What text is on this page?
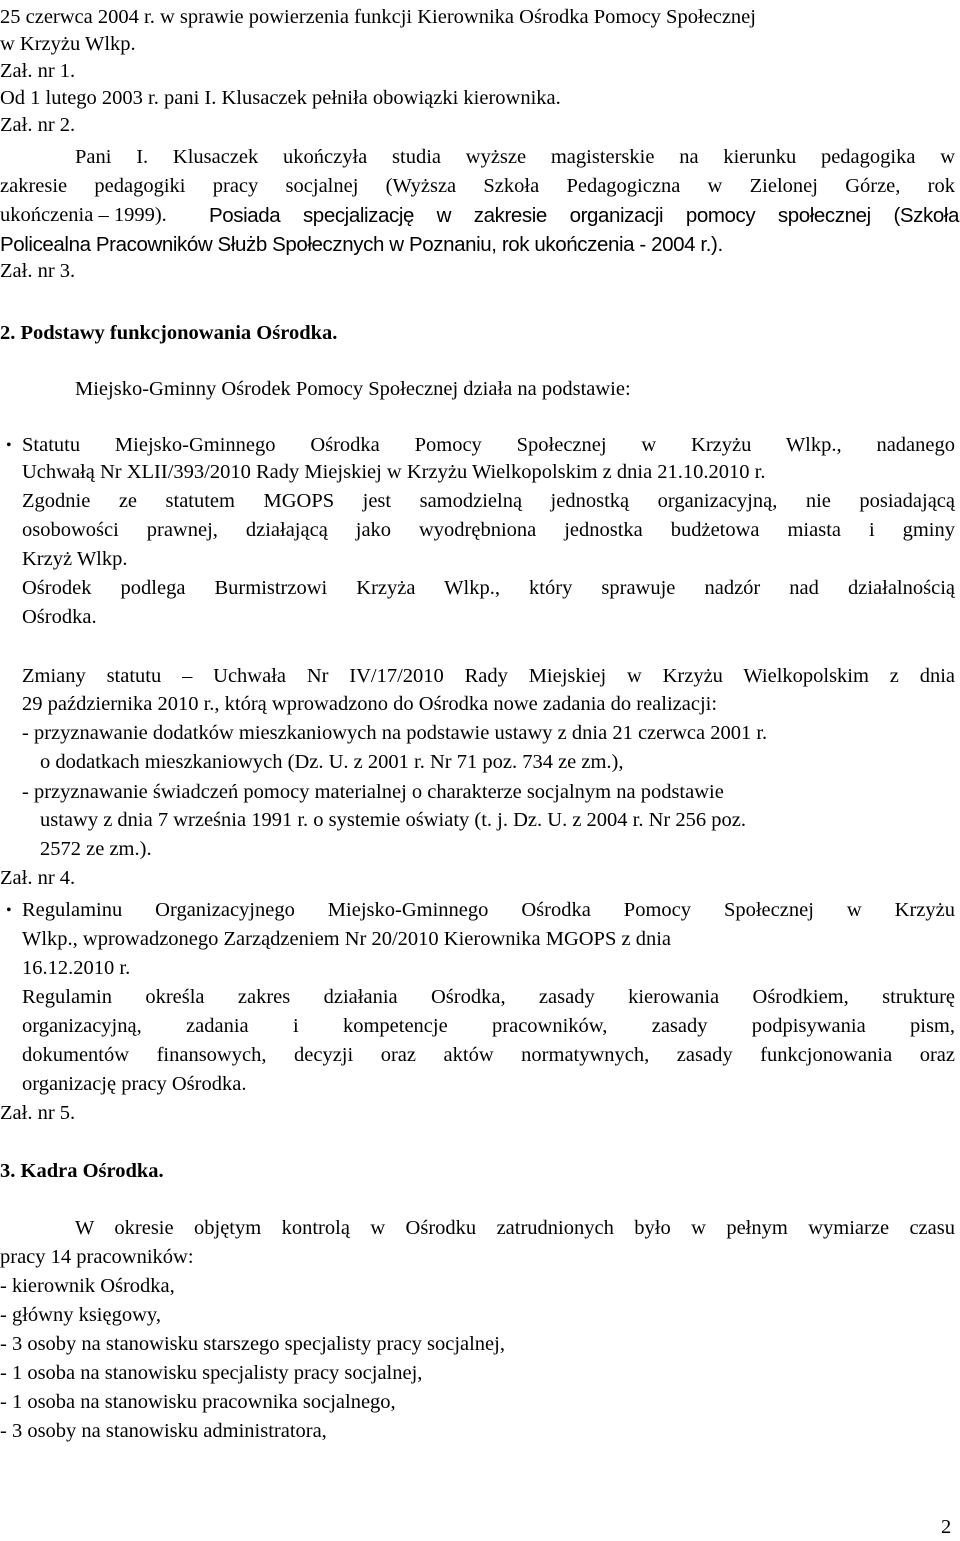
25 czerwca 2004 r. w sprawie powierzenia funkcji Kierownika Ośrodka Pomocy Społecznej
w Krzyżu Wlkp.
Zał. nr 1.
Od 1 lutego 2003 r. pani I. Klusaczek pełniła obowiązki kierownika.
Zał. nr 2.
Pani I. Klusaczek ukończyła studia wyższe magisterskie na kierunku pedagogika w
zakresie pedagogiki pracy socjalnej (Wyższa Szkoła Pedagogiczna w Zielonej Górze, rok
ukończenia – 1999). Posiada specjalizację w zakresie organizacji pomocy społecznej (Szkoła
Policealna Pracowników Służb Społecznych w Poznaniu, rok ukończenia - 2004 r.).
Zał. nr 3.
2. Podstawy funkcjonowania Ośrodka.
Miejsko-Gminny Ośrodek Pomocy Społecznej działa na podstawie:
• Statutu Miejsko-Gminnego Ośrodka Pomocy Społecznej w Krzyżu Wlkp., nadanego
Uchwałą Nr XLII/393/2010 Rady Miejskiej w Krzyżu Wielkopolskim z dnia 21.10.2010 r.
Zgodnie ze statutem MGOPS jest samodzielną jednostką organizacyjną, nie posiadającą
osobowości prawnej, działającą jako wyodrębniona jednostka budżetowa miasta i gminy
Krzyż Wlkp.
Ośrodek podlega Burmistrzowi Krzyża Wlkp., który sprawuje nadzór nad działalnością
Ośrodka.
Zmiany statutu – Uchwała Nr IV/17/2010 Rady Miejskiej w Krzyżu Wielkopolskim z dnia
29 października 2010 r., którą wprowadzono do Ośrodka nowe zadania do realizacji:
- przyznawanie dodatków mieszkaniowych na podstawie ustawy z dnia 21 czerwca 2001 r.
o dodatkach mieszkaniowych (Dz. U. z 2001 r. Nr 71 poz. 734 ze zm.),
- przyznawanie świadczeń pomocy materialnej o charakterze socjalnym na podstawie
ustawy z dnia 7 września 1991 r. o systemie oświaty (t. j. Dz. U. z 2004 r. Nr 256 poz.
2572 ze zm.).
Zał. nr 4.
• Regulaminu Organizacyjnego Miejsko-Gminnego Ośrodka Pomocy Społecznej w Krzyżu
Wlkp., wprowadzonego Zarządzeniem Nr 20/2010 Kierownika MGOPS z dnia
16.12.2010 r.
Regulamin określa zakres działania Ośrodka, zasady kierowania Ośrodkiem, strukturę
organizacyjną, zadania i kompetencje pracowników, zasady podpisywania pism,
dokumentów finansowych, decyzji oraz aktów normatywnych, zasady funkcjonowania oraz
organizację pracy Ośrodka.
Zał. nr 5.
3. Kadra Ośrodka.
W okresie objętym kontrolą w Ośrodku zatrudnionych było w pełnym wymiarze czasu
pracy 14 pracowników:
- kierownik Ośrodka,
- główny księgowy,
- 3 osoby na stanowisku starszego specjalisty pracy socjalnej,
- 1 osoba na stanowisku specjalisty pracy socjalnej,
- 1 osoba na stanowisku pracownika socjalnego,
- 3 osoby na stanowisku administratora,
2
